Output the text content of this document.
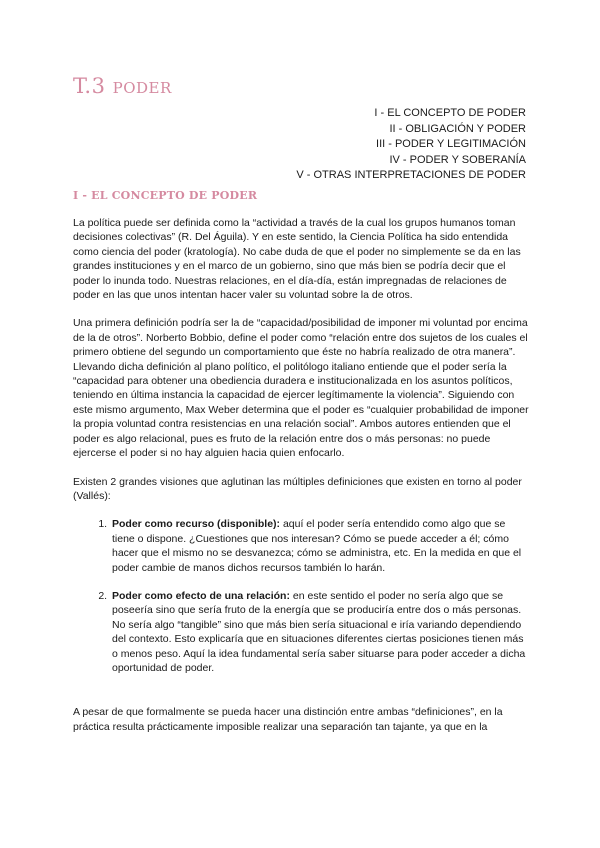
T.3 poder
I - EL CONCEPTO DE PODER
II - OBLIGACIÓN Y PODER
III - PODER Y LEGITIMACIÓN
IV - PODER Y SOBERANÍA
V - OTRAS INTERPRETACIONES DE PODER
I - EL CONCEPTO DE PODER

La política puede ser definida como la “actividad a través de la cual los grupos humanos toman decisiones colectivas” (R. Del Águila). Y en este sentido, la Ciencia Política ha sido entendida como ciencia del poder (kratología). No cabe duda de que el poder no simplemente se da en las grandes instituciones y en el marco de un gobierno, sino que más bien se podría decir que el poder lo inunda todo. Nuestras relaciones, en el día-día, están impregnadas de relaciones de poder en las que unos intentan hacer valer su voluntad sobre la de otros.

Una primera definición podría ser la de “capacidad/posibilidad de imponer mi voluntad por encima de la de otros”. Norberto Bobbio, define el poder como “relación entre dos sujetos de los cuales el primero obtiene del segundo un comportamiento que éste no habría realizado de otra manera”. Llevando dicha definición al plano político, el politólogo italiano entiende que el poder sería la “capacidad para obtener una obediencia duradera e institucionalizada en los asuntos políticos, teniendo en última instancia la capacidad de ejercer legítimamente la violencia”. Siguiendo con este mismo argumento, Max Weber determina que el poder es “cualquier probabilidad de imponer la propia voluntad contra resistencias en una relación social”. Ambos autores entienden que el poder es algo relacional, pues es fruto de la relación entre dos o más personas: no puede ejercerse el poder si no hay alguien hacia quien enfocarlo.

Existen 2 grandes visiones que aglutinan las múltiples definiciones que existen en torno al poder (Vallés):

1. Poder como recurso (disponible): aquí el poder sería entendido como algo que se tiene o dispone. ¿Cuestiones que nos interesan? Cómo se puede acceder a él; cómo hacer que el mismo no se desvanezca; cómo se administra, etc. En la medida en que el poder cambie de manos dichos recursos también lo harán.
2. Poder como efecto de una relación: en este sentido el poder no sería algo que se poseería sino que sería fruto de la energía que se produciría entre dos o más personas. No sería algo “tangible” sino que más bien sería situacional e iría variando dependiendo del contexto. Esto explicaría que en situaciones diferentes ciertas posiciones tienen más o menos peso. Aquí la idea fundamental sería saber situarse para poder acceder a dicha oportunidad de poder.

A pesar de que formalmente se pueda hacer una distinción entre ambas “definiciones”, en la práctica resulta prácticamente imposible realizar una separación tan tajante, ya que en la
